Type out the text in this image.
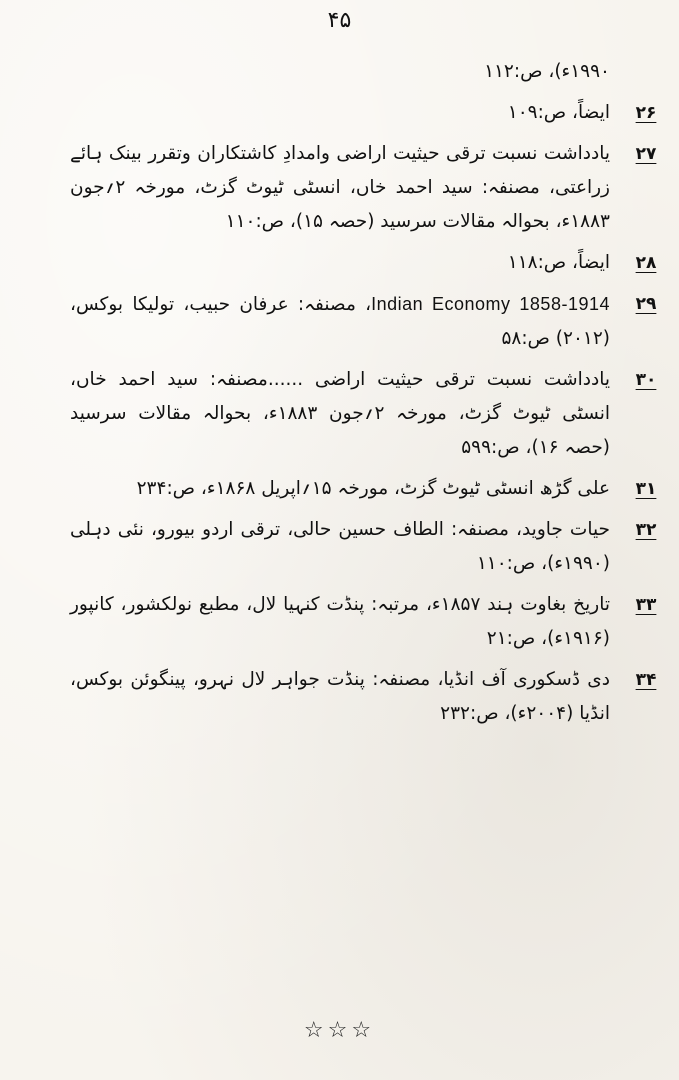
۴۵
۱۹۹۰ء)، ص:۱۱۲
۲۶
ایضاً، ص:۱۰۹
۲۷
یادداشت نسبت ترقی حیثیت اراضی وامدادِ کاشتکاران وتقرر بینک ہائے زراعتی، مصنفہ: سید احمد خاں، انسٹی ٹیوٹ گزٹ، مورخہ ۲؍جون ۱۸۸۳ء، بحوالہ مقالات سرسید (حصہ ۱۵)، ص:۱۱۰
۲۸
ایضاً، ص:۱۱۸
۲۹
Indian Economy 1858-1914، مصنفہ: عرفان حبیب، تولیکا بوکس، (۲۰۱۲) ص:۵۸
۳۰
یادداشت نسبت ترقی حیثیت اراضی ......مصنفہ: سید احمد خاں، انسٹی ٹیوٹ گزٹ، مورخہ ۲؍جون ۱۸۸۳ء، بحوالہ مقالات سرسید (حصہ ۱۶)، ص:۵۹۹
۳۱
علی گڑھ انسٹی ٹیوٹ گزٹ، مورخہ ۱۵؍اپریل ۱۸۶۸ء، ص:۲۳۴
۳۲
حیات جاوید، مصنفہ: الطاف حسین حالی، ترقی اردو بیورو، نئی دہلی (۱۹۹۰ء)، ص:۱۱۰
۳۳
تاریخ بغاوت ہند ۱۸۵۷ء، مرتبہ: پنڈت کنہیا لال، مطبع نولکشور، کانپور (۱۹۱۶ء)، ص:۲۱
۳۴
دی ڈسکوری آف انڈیا، مصنفہ: پنڈت جواہر لال نہرو، پینگوئن بوکس، انڈیا (۲۰۰۴ء)، ص:۲۳۲
☆☆☆
